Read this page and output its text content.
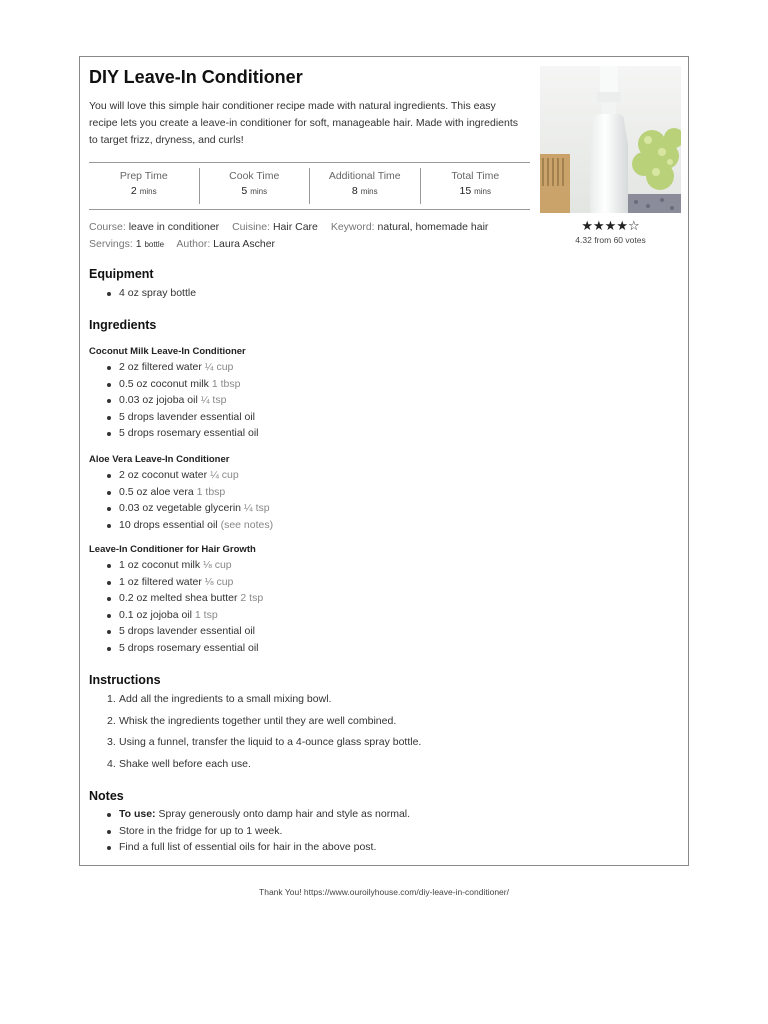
DIY Leave-In Conditioner
You will love this simple hair conditioner recipe made with natural ingredients. This easy recipe lets you create a leave-in conditioner for soft, manageable hair. Made with ingredients to target frizz, dryness, and curls!
★★★★☆
4.32 from 60 votes
Prep Time
2 mins
Cook Time
5 mins
Additional Time
8 mins
Total Time
15 mins
Course: leave in conditioner Cuisine: Hair Care Keyword: natural, homemade hair
Servings: 1 bottle Author: Laura Ascher
Equipment
4 oz spray bottle
Ingredients
Coconut Milk Leave-In Conditioner
2 oz filtered water ¼ cup
0.5 oz coconut milk 1 tbsp
0.03 oz jojoba oil ¼ tsp
5 drops lavender essential oil
5 drops rosemary essential oil
Aloe Vera Leave-In Conditioner
2 oz coconut water ¼ cup
0.5 oz aloe vera 1 tbsp
0.03 oz vegetable glycerin ¼ tsp
10 drops essential oil (see notes)
Leave-In Conditioner for Hair Growth
1 oz coconut milk ⅛ cup
1 oz filtered water ⅛ cup
0.2 oz melted shea butter 2 tsp
0.1 oz jojoba oil 1 tsp
5 drops lavender essential oil
5 drops rosemary essential oil
Instructions
1. Add all the ingredients to a small mixing bowl.
2. Whisk the ingredients together until they are well combined.
3. Using a funnel, transfer the liquid to a 4-ounce glass spray bottle.
4. Shake well before each use.
Notes
To use: Spray generously onto damp hair and style as normal.
Store in the fridge for up to 1 week.
Find a full list of essential oils for hair in the above post.
Thank You! https://www.ouroilyhouse.com/diy-leave-in-conditioner/
